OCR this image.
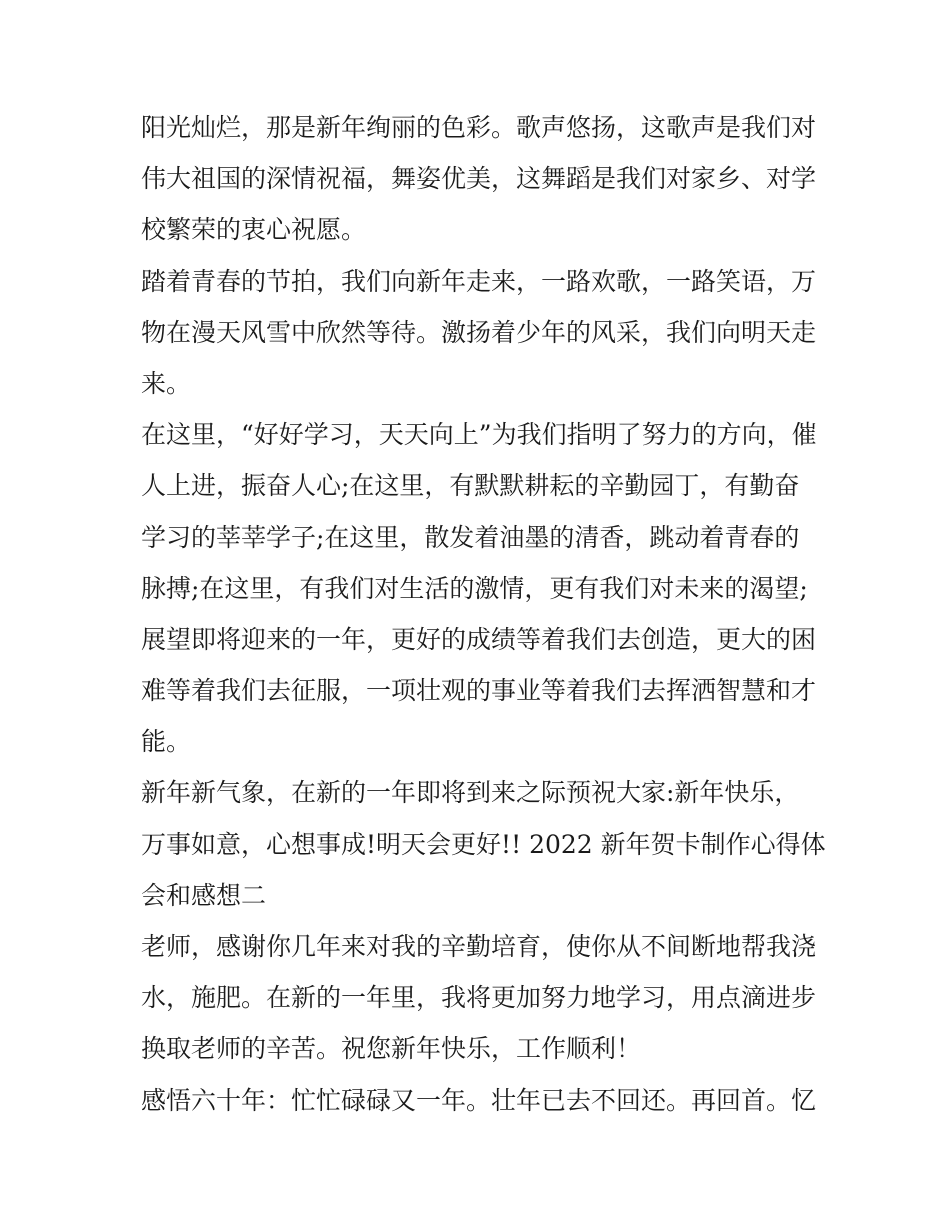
阳光灿烂，那是新年绚丽的色彩。歌声悠扬，这歌声是我们对
伟大祖国的深情祝福，舞姿优美，这舞蹈是我们对家乡、对学
校繁荣的衷心祝愿。
踏着青春的节拍，我们向新年走来，一路欢歌，一路笑语，万
物在漫天风雪中欣然等待。激扬着少年的风采，我们向明天走
来。
在这里，“好好学习，天天向上”为我们指明了努力的方向，催
人上进，振奋人心;在这里，有默默耕耘的辛勤园丁，有勤奋
学习的莘莘学子;在这里，散发着油墨的清香，跳动着青春的
脉搏;在这里，有我们对生活的激情，更有我们对未来的渴望;
展望即将迎来的一年，更好的成绩等着我们去创造，更大的困
难等着我们去征服，一项壮观的事业等着我们去挥洒智慧和才
能。
新年新气象，在新的一年即将到来之际预祝大家:新年快乐，
万事如意，心想事成!明天会更好!! 2022 新年贺卡制作心得体
会和感想二
老师，感谢你几年来对我的辛勤培育，使你从不间断地帮我浇
水，施肥。在新的一年里，我将更加努力地学习，用点滴进步
换取老师的辛苦。祝您新年快乐，工作顺利！
感悟六十年：忙忙碌碌又一年。壮年已去不回还。再回首。忆
